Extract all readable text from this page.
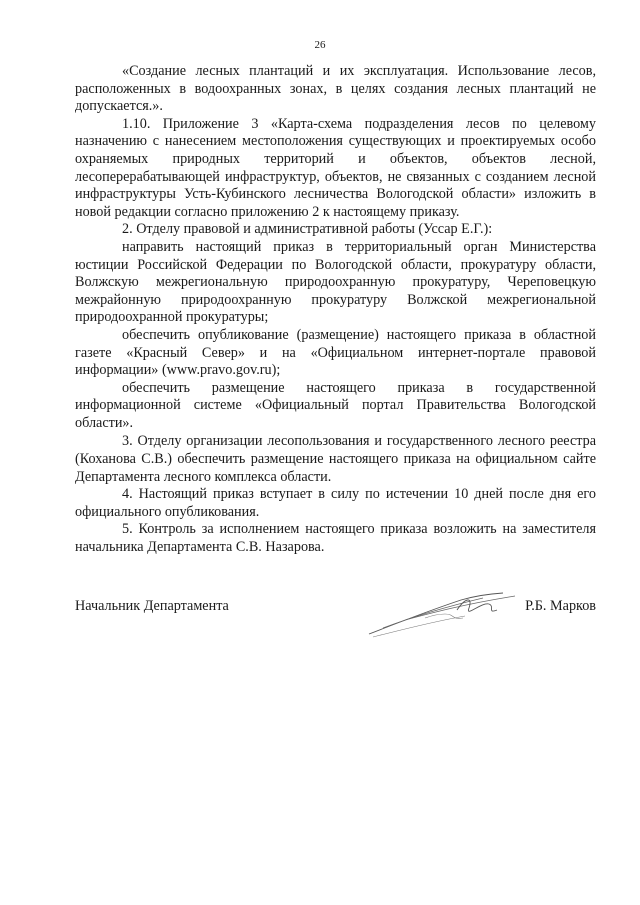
26

«Создание лесных плантаций и их эксплуатация. Использование лесов, расположенных в водоохранных зонах, в целях создания лесных плантаций не допускается.».

1.10. Приложение 3 «Карта-схема подразделения лесов по целевому назначению с нанесением местоположения существующих и проектируемых особо охраняемых природных территорий и объектов, объектов лесной, лесоперерабатывающей инфраструктур, объектов, не связанных с созданием лесной инфраструктуры Усть-Кубинского лесничества Вологодской области» изложить в новой редакции согласно приложению 2 к настоящему приказу.

2. Отделу правовой и административной работы (Уссар Е.Г.):

направить настоящий приказ в территориальный орган Министерства юстиции Российской Федерации по Вологодской области, прокуратуру области, Волжскую межрегиональную природоохранную прокуратуру, Череповецкую межрайонную природоохранную прокуратуру Волжской межрегиональной природоохранной прокуратуры;

обеспечить опубликование (размещение) настоящего приказа в областной газете «Красный Север» и на «Официальном интернет-портале правовой информации» (www.pravo.gov.ru);

обеспечить размещение настоящего приказа в государственной информационной системе «Официальный портал Правительства Вологодской области».

3. Отделу организации лесопользования и государственного лесного реестра (Коханова С.В.) обеспечить размещение настоящего приказа на официальном сайте Департамента лесного комплекса области.

4. Настоящий приказ вступает в силу по истечении 10 дней после дня его официального опубликования.

5. Контроль за исполнением настоящего приказа возложить на заместителя начальника Департамента С.В. Назарова.

Начальник Департамента	Р.Б. Марков
